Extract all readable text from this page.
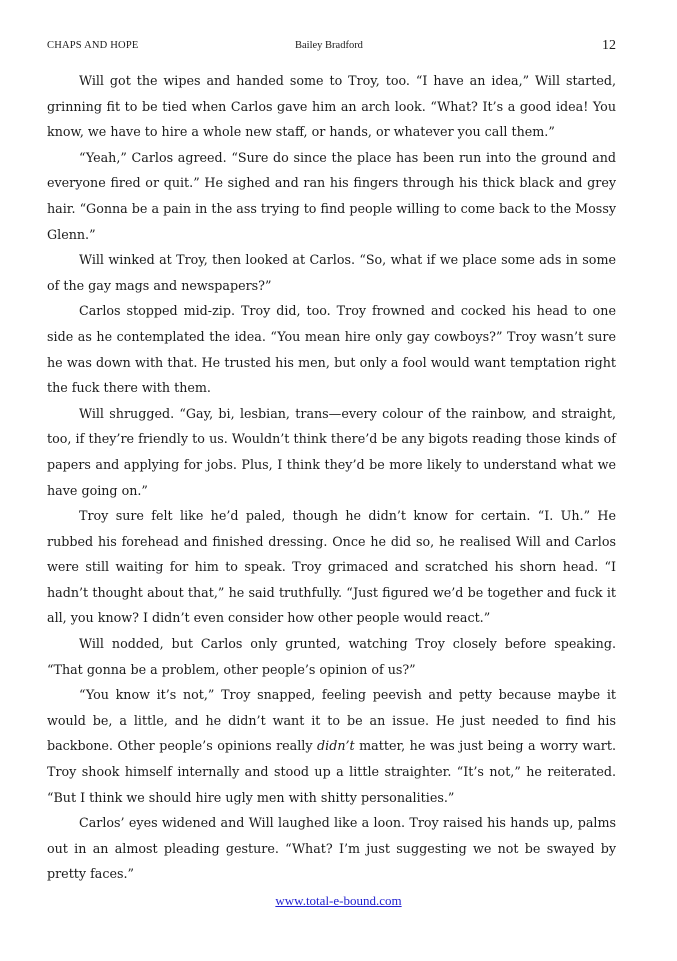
CHAPS AND HOPE	Bailey Bradford	12

Will got the wipes and handed some to Troy, too. “I have an idea,” Will started, grinning fit to be tied when Carlos gave him an arch look. “What? It’s a good idea! You know, we have to hire a whole new staff, or hands, or whatever you call them.”

“Yeah,” Carlos agreed. “Sure do since the place has been run into the ground and everyone fired or quit.” He sighed and ran his fingers through his thick black and grey hair. “Gonna be a pain in the ass trying to find people willing to come back to the Mossy Glenn.”

Will winked at Troy, then looked at Carlos. “So, what if we place some ads in some of the gay mags and newspapers?”

Carlos stopped mid-zip. Troy did, too. Troy frowned and cocked his head to one side as he contemplated the idea. “You mean hire only gay cowboys?” Troy wasn’t sure he was down with that. He trusted his men, but only a fool would want temptation right the fuck there with them.

Will shrugged. “Gay, bi, lesbian, trans—every colour of the rainbow, and straight, too, if they’re friendly to us. Wouldn’t think there’d be any bigots reading those kinds of papers and applying for jobs. Plus, I think they’d be more likely to understand what we have going on.”

Troy sure felt like he’d paled, though he didn’t know for certain. “I. Uh.” He rubbed his forehead and finished dressing. Once he did so, he realised Will and Carlos were still waiting for him to speak. Troy grimaced and scratched his shorn head. “I hadn’t thought about that,” he said truthfully. “Just figured we’d be together and fuck it all, you know? I didn’t even consider how other people would react.”

Will nodded, but Carlos only grunted, watching Troy closely before speaking. “That gonna be a problem, other people’s opinion of us?”

“You know it’s not,” Troy snapped, feeling peevish and petty because maybe it would be, a little, and he didn’t want it to be an issue. He just needed to find his backbone. Other people’s opinions really didn’t matter, he was just being a worry wart. Troy shook himself internally and stood up a little straighter. “It’s not,” he reiterated. “But I think we should hire ugly men with shitty personalities.”

Carlos’ eyes widened and Will laughed like a loon. Troy raised his hands up, palms out in an almost pleading gesture. “What? I’m just suggesting we not be swayed by pretty faces.”

www.total-e-bound.com
